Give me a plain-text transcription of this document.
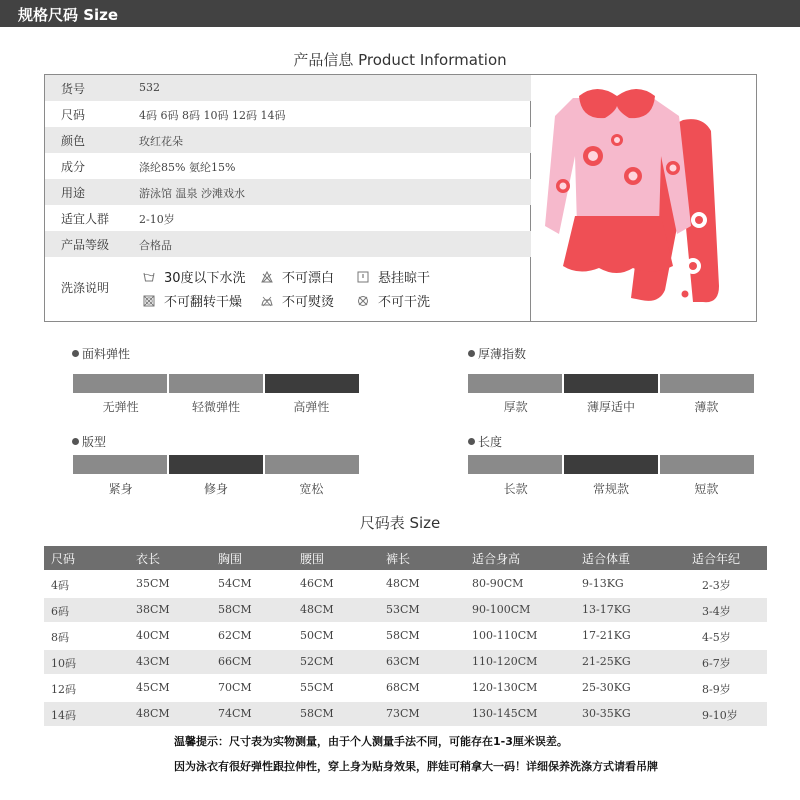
规格尺码 Size
产品信息 Product Information
货号	532
尺码	4码 6码 8码 10码 12码 14码
颜色	玫红花朵
成分	涤纶85% 氨纶15%
用途	游泳馆 温泉 沙滩戏水
适宜人群	2-10岁
产品等级	合格品
洗涤说明
30度以下水洗	不可漂白	悬挂晾干
不可翻转干燥	不可熨烫	不可干洗
面料弹性
无弹性	轻微弹性	高弹性
厚薄指数
厚款	薄厚适中	薄款
版型
紧身	修身	宽松
长度
长款	常规款	短款
尺码表 Size
尺码	衣长	胸围	腰围	裤长	适合身高	适合体重	适合年纪
4码	35CM	54CM	46CM	48CM	80-90CM	9-13KG	2-3岁
6码	38CM	58CM	48CM	53CM	90-100CM	13-17KG	3-4岁
8码	40CM	62CM	50CM	58CM	100-110CM	17-21KG	4-5岁
10码	43CM	66CM	52CM	63CM	110-120CM	21-25KG	6-7岁
12码	45CM	70CM	55CM	68CM	120-130CM	25-30KG	8-9岁
14码	48CM	74CM	58CM	73CM	130-145CM	30-35KG	9-10岁
温馨提示：尺寸表为实物测量，由于个人测量手法不同，可能存在1-3厘米误差。
因为泳衣有很好弹性跟拉伸性，穿上身为贴身效果，胖娃可稍拿大一码！详细保养洗涤方式请看吊牌
